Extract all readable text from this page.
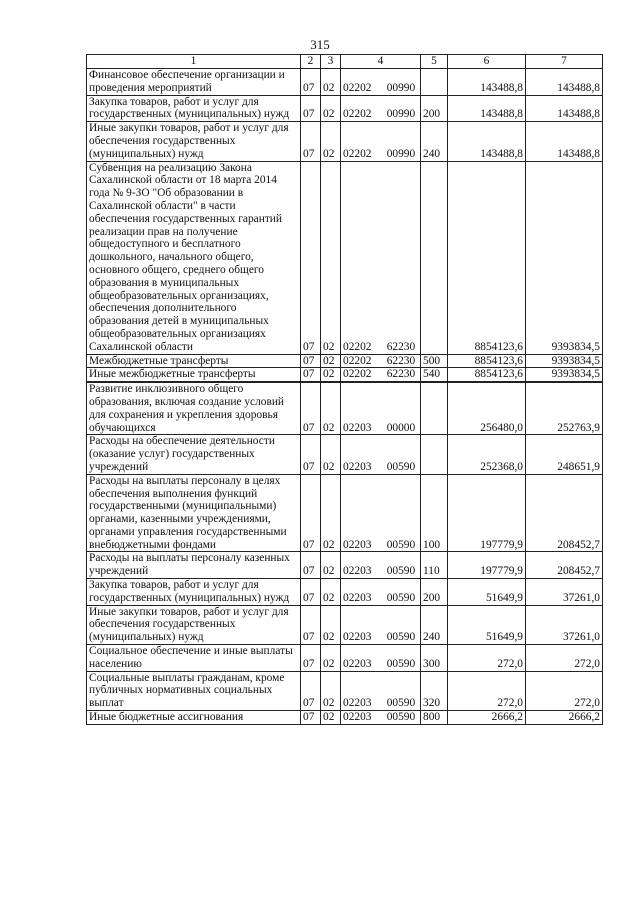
315
1	2	3	4	5	6	7
Финансовое обеспечение организации и проведения мероприятий	07	02	02202 00990		143488,8	143488,8
Закупка товаров, работ и услуг для государственных (муниципальных) нужд	07	02	02202 00990	200	143488,8	143488,8
Иные закупки товаров, работ и услуг для обеспечения государственных (муниципальных) нужд	07	02	02202 00990	240	143488,8	143488,8
Субвенция на реализацию Закона Сахалинской области от 18 марта 2014 года № 9-ЗО "Об образовании в Сахалинской области" в части обеспечения государственных гарантий реализации прав на получение общедоступного и бесплатного дошкольного, начального общего, основного общего, среднего общего образования в муниципальных общеобразовательных организациях, обеспечения дополнительного образования детей в муниципальных общеобразовательных организациях Сахалинской области	07	02	02202 62230		8854123,6	9393834,5
Межбюджетные трансферты	07	02	02202 62230	500	8854123,6	9393834,5
Иные межбюджетные трансферты	07	02	02202 62230	540	8854123,6	9393834,5
Развитие инклюзивного общего образования, включая создание условий для сохранения и укрепления здоровья обучающихся	07	02	02203 00000		256480,0	252763,9
Расходы на обеспечение деятельности (оказание услуг) государственных учреждений	07	02	02203 00590		252368,0	248651,9
Расходы на выплаты персоналу в целях обеспечения выполнения функций государственными (муниципальными) органами, казенными учреждениями, органами управления государственными внебюджетными фондами	07	02	02203 00590	100	197779,9	208452,7
Расходы на выплаты персоналу казенных учреждений	07	02	02203 00590	110	197779,9	208452,7
Закупка товаров, работ и услуг для государственных (муниципальных) нужд	07	02	02203 00590	200	51649,9	37261,0
Иные закупки товаров, работ и услуг для обеспечения государственных (муниципальных) нужд	07	02	02203 00590	240	51649,9	37261,0
Социальное обеспечение и иные выплаты населению	07	02	02203 00590	300	272,0	272,0
Социальные выплаты гражданам, кроме публичных нормативных социальных выплат	07	02	02203 00590	320	272,0	272,0
Иные бюджетные ассигнования	07	02	02203 00590	800	2666,2	2666,2
